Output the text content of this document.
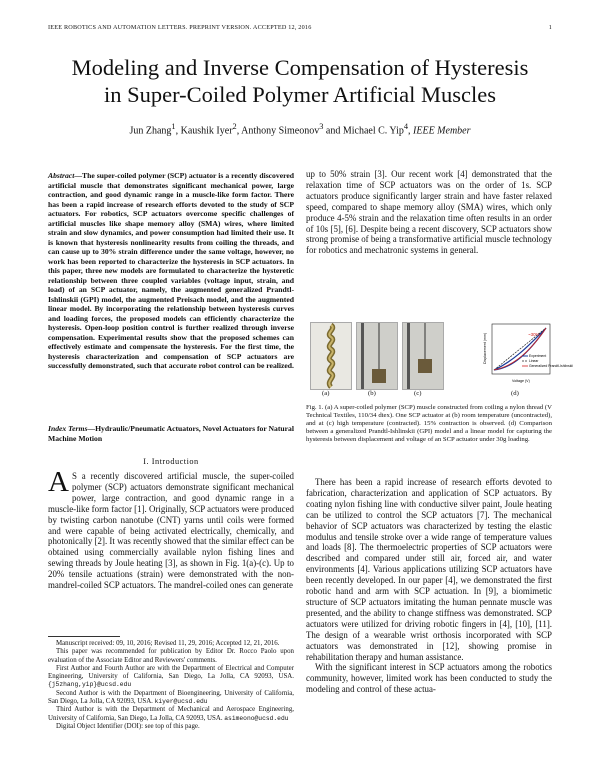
IEEE ROBOTICS AND AUTOMATION LETTERS. PREPRINT VERSION. ACCEPTED 12, 2016	1
Modeling and Inverse Compensation of Hysteresis
in Super-Coiled Polymer Artificial Muscles
Jun Zhang$^1$, Kaushik Iyer$^2$, Anthony Simeonov$^3$ and Michael C. Yip$^4$, IEEE Member

Abstract—The super-coiled polymer (SCP) actuator is a recently discovered artificial muscle that demonstrates significant mechanical power, large contraction, and good dynamic range in a muscle-like form factor. There has been a rapid increase of research efforts devoted to the study of SCP actuators. For robotics, SCP actuators overcome specific challenges of artificial muscles like shape memory alloy (SMA) wires, where limited strain and slow dynamics, and power consumption had limited their use. It is known that hysteresis nonlinearity results from coiling the threads, and can cause up to 30% strain difference under the same voltage, however, no work has been reported to characterize the hysteresis in SCP actuators. In this paper, three new models are formulated to characterize the hysteretic relationship between three coupled variables (voltage input, strain, and load) of an SCP actuator, namely, the augmented generalized Prandtl-Ishlinskii (GPI) model, the augmented Preisach model, and the augmented linear model. By incorporating the relationship between hysteresis curves and loading forces, the proposed models can efficiently characterize the hysteresis. Open-loop position control is further realized through inverse compensation. Experimental results show that the proposed schemes can effectively estimate and compensate the hysteresis. For the first time, the hysteresis characterization and compensation of SCP actuators are successfully demonstrated, such that accurate robot control can be realized.

Index Terms—Hydraulic/Pneumatic Actuators, Novel Actuators for Natural Machine Motion

I. Introduction

A S a recently discovered artificial muscle, the super-coiled polymer (SCP) actuators demonstrate significant mechanical power, large contraction, and good dynamic range in a muscle-like form factor [1]. Originally, SCP actuators were produced by twisting carbon nanotube (CNT) yarns until coils were formed and were capable of being activated electrically, chemically, and photonically [2]. It was recently showed that the similar effect can be obtained using commercially available nylon fishing lines and sewing threads by Joule heating [3], as shown in Fig. 1(a)-(c). Up to 20% tensile actuations (strain) were demonstrated with the non-mandrel-coiled SCP actuators. The mandrel-coiled ones can generate

Manuscript received: 09, 10, 2016; Revised 11, 29, 2016; Accepted 12, 21, 2016.

This paper was recommended for publication by Editor Dr. Rocco Paolo upon evaluation of the Associate Editor and Reviewers' comments.

First Author and Fourth Author are with the Department of Electrical and Computer Engineering, University of California, San Diego, La Jolla, CA 92093, USA. {j5zhang,yip}@ucsd.edu

Second Author is with the Department of Bioengineering, University of California, San Diego, La Jolla, CA 92093, USA. kiyer@ucsd.edu

Third Author is with the Department of Mechanical and Aerospace Engineering, University of California, San Diego, La Jolla, CA 92093, USA. asimeono@ucsd.edu

Digital Object Identifier (DOI): see top of this page.

up to 50% strain [3]. Our recent work [4] demonstrated that the relaxation time of SCP actuators was on the order of 1s. SCP actuators produce significantly larger strain and have faster relaxed speed, compared to shape memory alloy (SMA) wires, which only produce 4-5% strain and the relaxation time often results in an order of 10s [5], [6]. Despite being a recent discovery, SCP actuators show strong promise of being a transformative artificial muscle technology for robotics and mechatronic systems in general.

~30%
Displacement (mm)
Voltage (V)
Experiment
Linear
Generalized Prandtl-Ishlinskii
(a)	(b)	(c)	(d)
Fig. 1. (a) A super-coiled polymer (SCP) muscle constructed from coiling a nylon thread (V Technical Textiles, 110/34 dtex). One SCP actuator at (b) room temperature (uncontracted), and at (c) high temperature (contracted). 15% contraction is observed. (d) Comparison between a generalized Prandtl-Ishlinskii (GPI) model and a linear model for capturing the hysteresis between displacement and voltage of an SCP actuator under 30g loading.

There has been a rapid increase of research efforts devoted to fabrication, characterization and application of SCP actuators. By coating nylon fishing line with conductive silver paint, Joule heating can be utilized to control the SCP actuators [7]. The mechanical behavior of SCP actuators was characterized by testing the elastic modulus and tensile stroke over a wide range of temperature values and loads [8]. The thermoelectric properties of SCP actuators were described and compared under still air, forced air, and water environments [4]. Various applications utilizing SCP actuators have been recently developed. In our paper [4], we demonstrated the first robotic hand and arm with SCP actuation. In [9], a biomimetic structure of SCP actuators imitating the human pennate muscle was presented, and the ability to change stiffness was demonstrated. SCP actuators were utilized for driving robotic fingers in [4], [10], [11]. The design of a wearable wrist orthosis incorporated with SCP actuators was demonstrated in [12], showing promise in rehabilitation therapy and human assistance.

With the significant interest in SCP actuators among the robotics community, however, limited work has been conducted to study the modeling and control of these actua-
